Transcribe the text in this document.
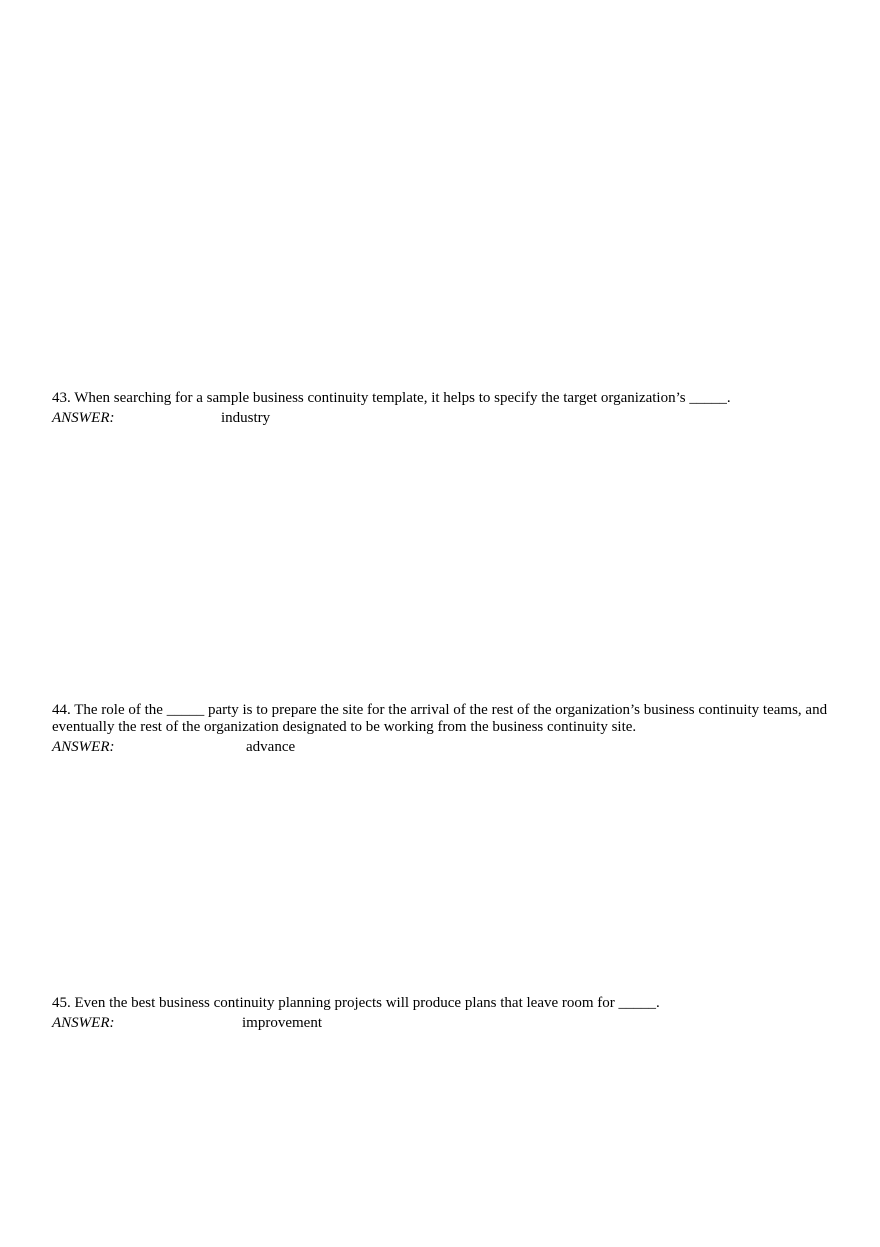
43. When searching for a sample business continuity template, it helps to specify the target organization’s _____.

ANSWER:	industry

44. The role of the _____ party is to prepare the site for the arrival of the rest of the organization’s business continuity teams, and eventually the rest of the organization designated to be working from the business continuity site.

ANSWER:	advance

45. Even the best business continuity planning projects will produce plans that leave room for _____.

ANSWER:	improvement
